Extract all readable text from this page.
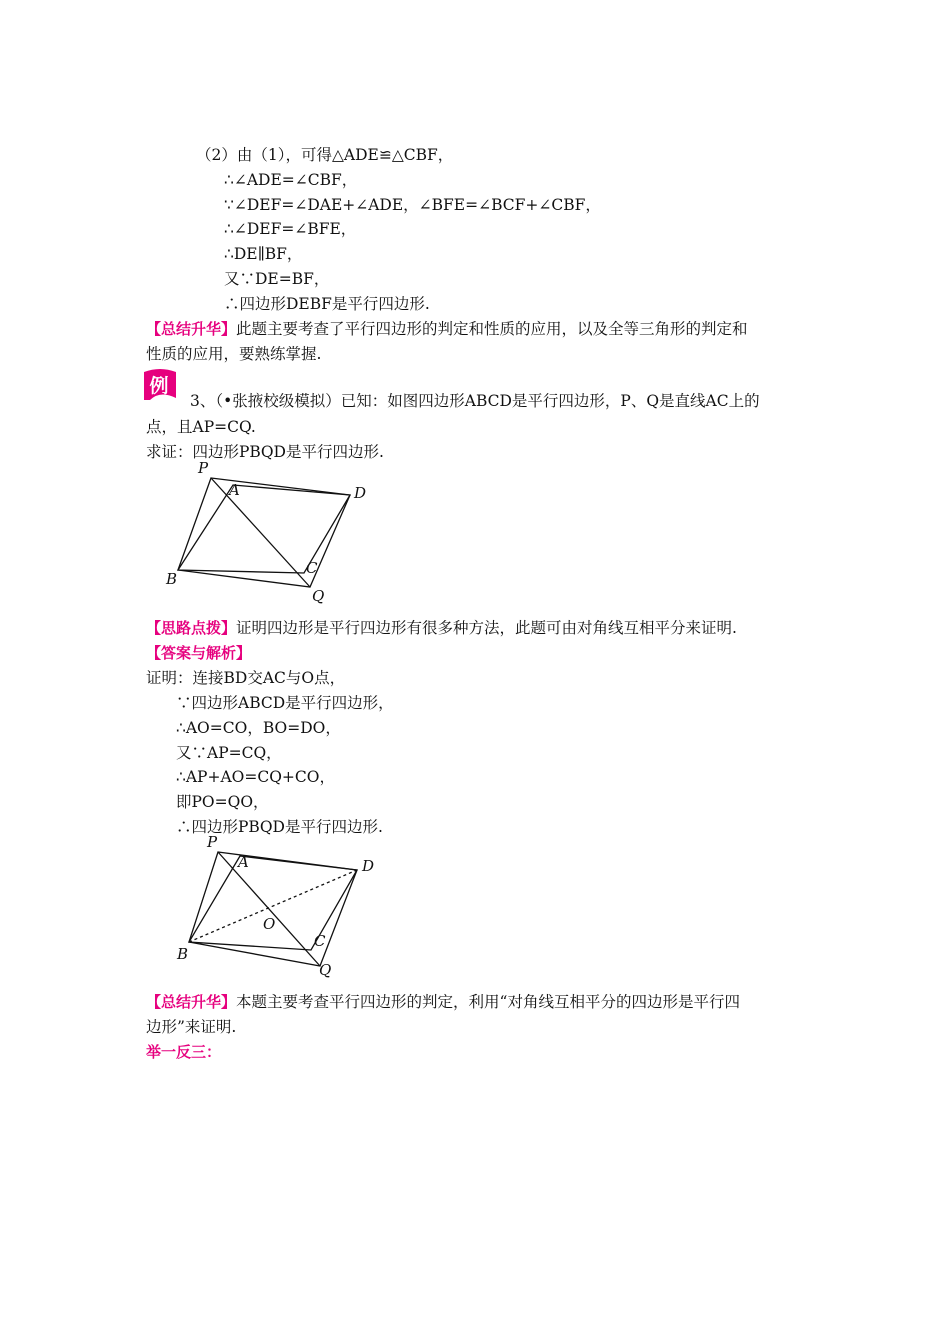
（2）由（1），可得△ADE≌△CBF，
∴∠ADE=∠CBF，
∵∠DEF=∠DAE+∠ADE，∠BFE=∠BCF+∠CBF，
∴∠DEF=∠BFE，
∴DE∥BF，
又∵DE=BF，
∴四边形DEBF是平行四边形.
【总结升华】此题主要考查了平行四边形的判定和性质的应用，以及全等三角形的判定和
性质的应用，要熟练掌握.
例
3、（•张掖校级模拟）已知：如图四边形ABCD是平行四边形，P、Q是直线AC上的
点，且AP=CQ.
求证：四边形PBQD是平行四边形.
P
A	D
B
C
Q
【思路点拨】证明四边形是平行四边形有很多种方法，此题可由对角线互相平分来证明.
【答案与解析】
证明：连接BD交AC与O点，
∵四边形ABCD是平行四边形，
∴AO=CO，BO=DO，
又∵AP=CQ，
∴AP+AO=CQ+CO，
即PO=QO，
∴四边形PBQD是平行四边形.
P
A	D
O
B
C
Q
【总结升华】本题主要考查平行四边形的判定，利用“对角线互相平分的四边形是平行四
边形”来证明.
举一反三：
